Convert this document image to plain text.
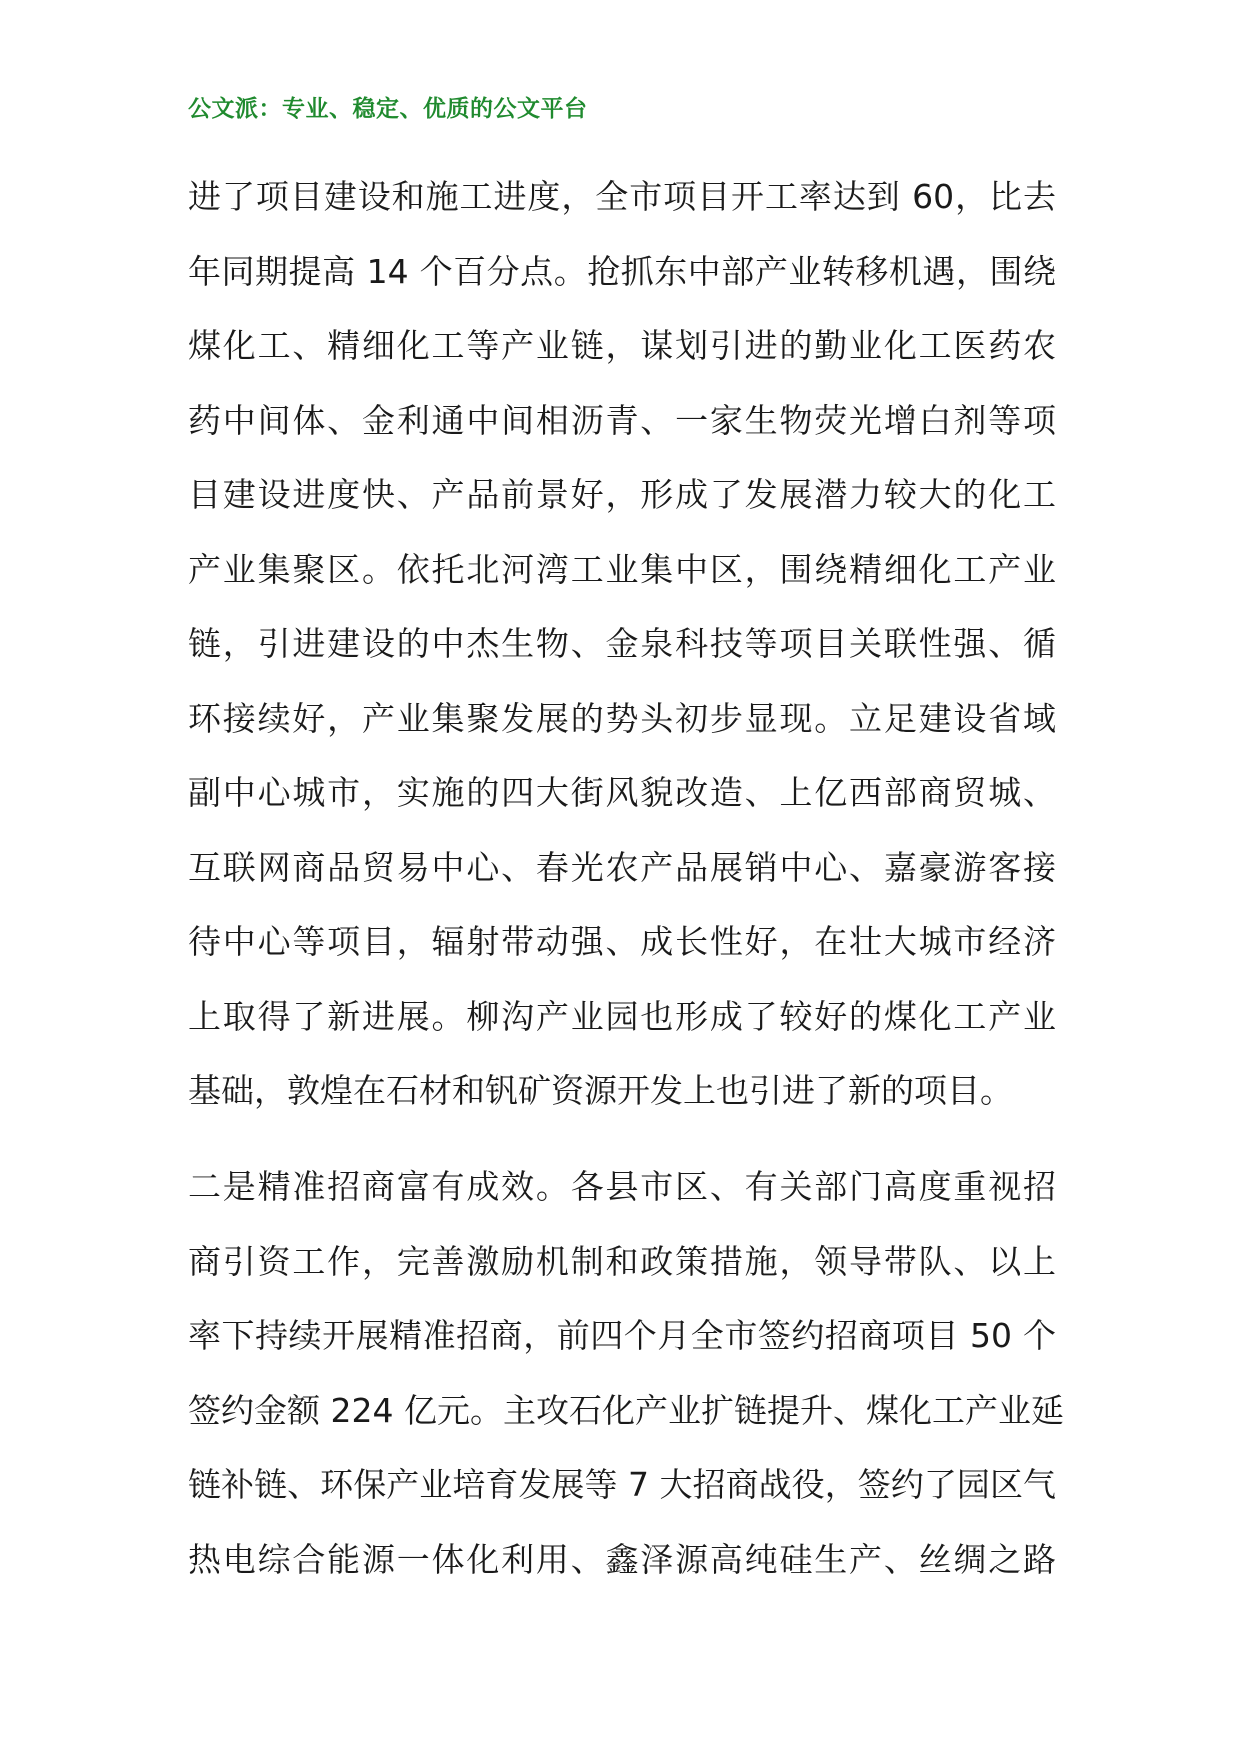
公文派：专业、稳定、优质的公文平台
进了项目建设和施工进度，全市项目开工率达到 60，比去
年同期提高 14 个百分点。抢抓东中部产业转移机遇，围绕
煤化工、精细化工等产业链，谋划引进的勤业化工医药农
药中间体、金利通中间相沥青、一家生物荧光增白剂等项
目建设进度快、产品前景好，形成了发展潜力较大的化工
产业集聚区。依托北河湾工业集中区，围绕精细化工产业
链，引进建设的中杰生物、金泉科技等项目关联性强、循
环接续好，产业集聚发展的势头初步显现。立足建设省域
副中心城市，实施的四大街风貌改造、上亿西部商贸城、
互联网商品贸易中心、春光农产品展销中心、嘉豪游客接
待中心等项目，辐射带动强、成长性好，在壮大城市经济
上取得了新进展。柳沟产业园也形成了较好的煤化工产业
基础，敦煌在石材和钒矿资源开发上也引进了新的项目。
二是精准招商富有成效。各县市区、有关部门高度重视招
商引资工作，完善激励机制和政策措施，领导带队、以上
率下持续开展精准招商，前四个月全市签约招商项目 50 个
签约金额 224 亿元。主攻石化产业扩链提升、煤化工产业延
链补链、环保产业培育发展等 7 大招商战役，签约了园区气
热电综合能源一体化利用、鑫泽源高纯硅生产、丝绸之路
